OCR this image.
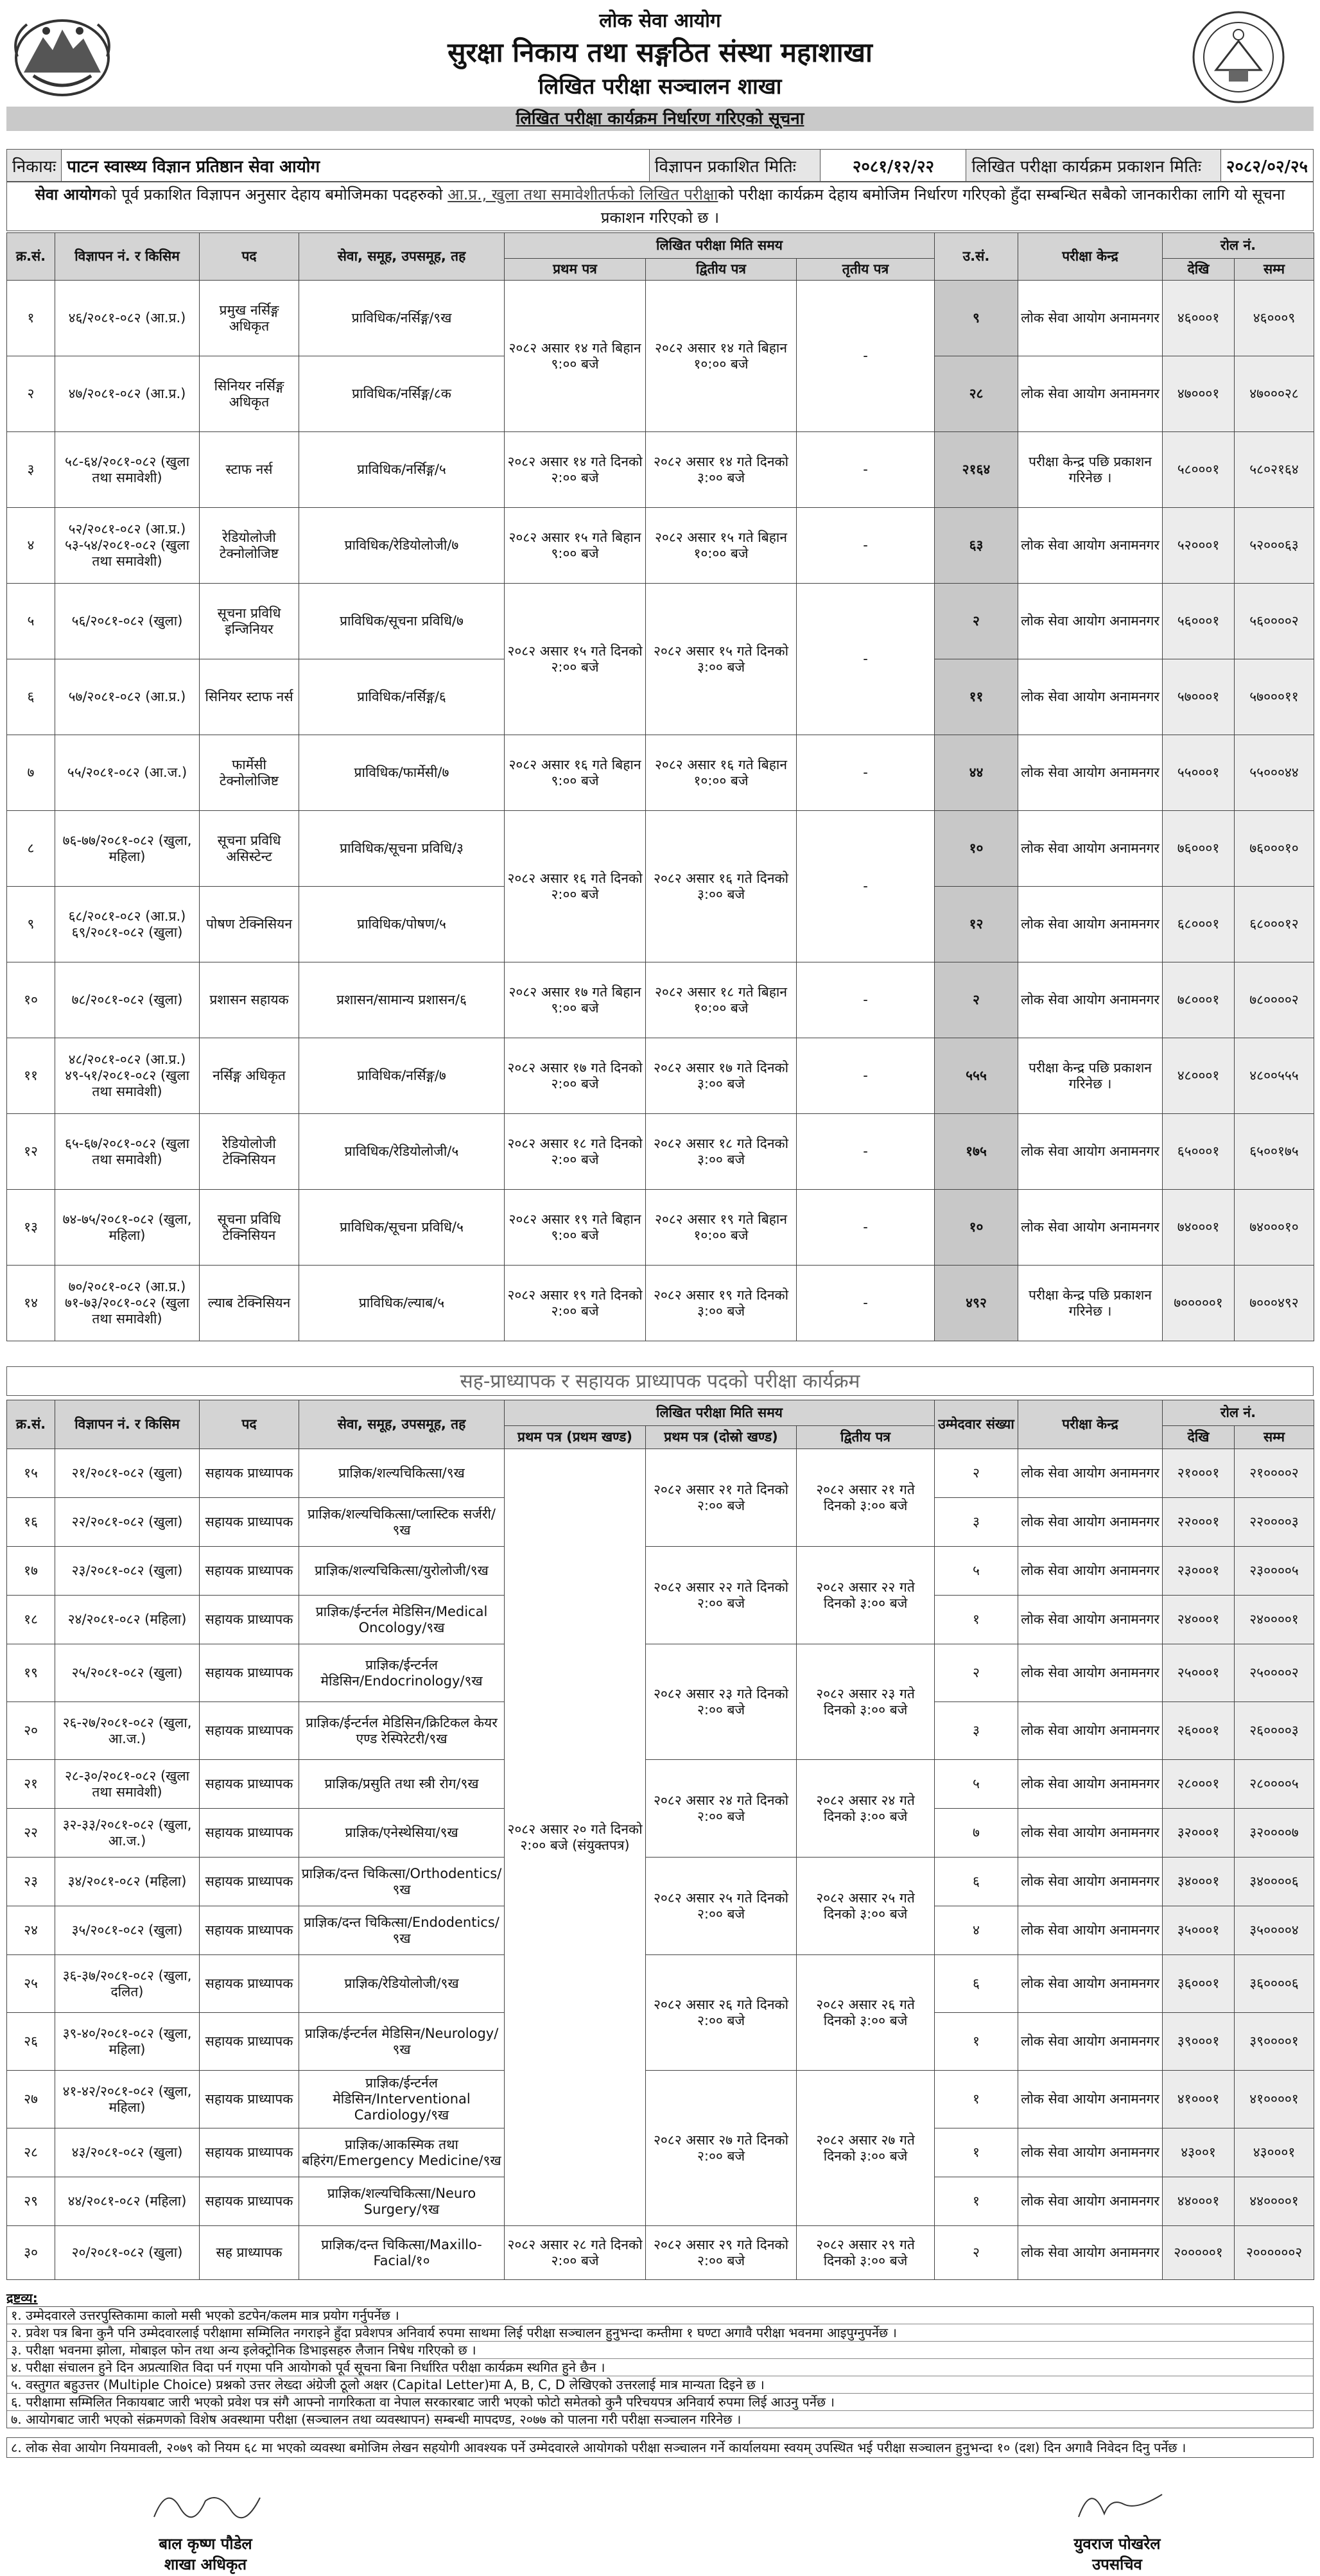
लोक सेवा आयोग
सुरक्षा निकाय तथा सङ्गठित संस्था महाशाखा
लिखित परीक्षा सञ्चालन शाखा
लिखित परीक्षा कार्यक्रम निर्धारण गरिएको सूचना
निकायः	पाटन स्वास्थ्य विज्ञान प्रतिष्ठान सेवा आयोग	विज्ञापन प्रकाशित मितिः	२०८१/१२/२२	लिखित परीक्षा कार्यक्रम प्रकाशन मितिः	२०८२/०२/२५
सेवा आयोगको पूर्व प्रकाशित विज्ञापन अनुसार देहाय बमोजिमका पदहरुको आ.प्र., खुला तथा समावेशीतर्फको लिखित परीक्षाको परीक्षा कार्यक्रम देहाय बमोजिम निर्धारण गरिएको हुँदा सम्बन्धित सबैको जानकारीका लागि यो सूचना प्रकाशन गरिएको छ ।
क्र.सं.	विज्ञापन नं. र किसिम	पद	सेवा, समूह, उपसमूह, तह	लिखित परीक्षा मिति समय			उ.सं.	परीक्षा केन्द्र	रोल नं.	
				प्रथम पत्र	द्वितीय पत्र	तृतीय पत्र			देखि	सम्म
१	४६/२०८१-०८२ (आ.प्र.)	प्रमुख नर्सिङ्ग अधिकृत	प्राविधिक/नर्सिङ्ग/९ख	२०८२ असार १४ गते बिहान ९:०० बजे	२०८२ असार १४ गते बिहान १०:०० बजे	-	९	लोक सेवा आयोग अनामनगर	४६०००१	४६०००९
२	४७/२०८१-०८२ (आ.प्र.)	सिनियर नर्सिङ्ग अधिकृत	प्राविधिक/नर्सिङ्ग/८क				२८	लोक सेवा आयोग अनामनगर	४७०००१	४७०००२८
३	५८-६४/२०८१-०८२ (खुला तथा समावेशी)	स्टाफ नर्स	प्राविधिक/नर्सिङ्ग/५	२०८२ असार १४ गते दिनको २:०० बजे	२०८२ असार १४ गते दिनको ३:०० बजे	-	२१६४	परीक्षा केन्द्र पछि प्रकाशन गरिनेछ ।	५८०००१	५८०२१६४
४	५२/२०८१-०८२ (आ.प्र.) ५३-५४/२०८१-०८२ (खुला तथा समावेशी)	रेडियोलोजी टेक्नोलोजिष्ट	प्राविधिक/रेडियोलोजी/७	२०८२ असार १५ गते बिहान ९:०० बजे	२०८२ असार १५ गते बिहान १०:०० बजे	-	६३	लोक सेवा आयोग अनामनगर	५२०००१	५२०००६३
५	५६/२०८१-०८२ (खुला)	सूचना प्रविधि इन्जिनियर	प्राविधिक/सूचना प्रविधि/७	२०८२ असार १५ गते दिनको २:०० बजे	२०८२ असार १५ गते दिनको ३:०० बजे	-	२	लोक सेवा आयोग अनामनगर	५६०००१	५६००००२
६	५७/२०८१-०८२ (आ.प्र.)	सिनियर स्टाफ नर्स	प्राविधिक/नर्सिङ्ग/६				११	लोक सेवा आयोग अनामनगर	५७०००१	५७०००११
७	५५/२०८१-०८२ (आ.ज.)	फार्मेसी टेक्नोलोजिष्ट	प्राविधिक/फार्मेसी/७	२०८२ असार १६ गते बिहान ९:०० बजे	२०८२ असार १६ गते बिहान १०:०० बजे	-	४४	लोक सेवा आयोग अनामनगर	५५०००१	५५०००४४
८	७६-७७/२०८१-०८२ (खुला, महिला)	सूचना प्रविधि असिस्टेन्ट	प्राविधिक/सूचना प्रविधि/३	२०८२ असार १६ गते दिनको २:०० बजे	२०८२ असार १६ गते दिनको ३:०० बजे	-	१०	लोक सेवा आयोग अनामनगर	७६०००१	७६०००१०
९	६८/२०८१-०८२ (आ.प्र.) ६९/२०८१-०८२ (खुला)	पोषण टेक्निसियन	प्राविधिक/पोषण/५				१२	लोक सेवा आयोग अनामनगर	६८०००१	६८०००१२
१०	७८/२०८१-०८२ (खुला)	प्रशासन सहायक	प्रशासन/सामान्य प्रशासन/६	२०८२ असार १७ गते बिहान ९:०० बजे	२०८२ असार १८ गते बिहान १०:०० बजे	-	२	लोक सेवा आयोग अनामनगर	७८०००१	७८००००२
११	४८/२०८१-०८२ (आ.प्र.) ४९-५१/२०८१-०८२ (खुला तथा समावेशी)	नर्सिङ्ग अधिकृत	प्राविधिक/नर्सिङ्ग/७	२०८२ असार १७ गते दिनको २:०० बजे	२०८२ असार १७ गते दिनको ३:०० बजे	-	५५५	परीक्षा केन्द्र पछि प्रकाशन गरिनेछ ।	४८०००१	४८००५५५
१२	६५-६७/२०८१-०८२ (खुला तथा समावेशी)	रेडियोलोजी टेक्निसियन	प्राविधिक/रेडियोलोजी/५	२०८२ असार १८ गते दिनको २:०० बजे	२०८२ असार १८ गते दिनको ३:०० बजे	-	१७५	लोक सेवा आयोग अनामनगर	६५०००१	६५००१७५
१३	७४-७५/२०८१-०८२ (खुला, महिला)	सूचना प्रविधि टेक्निसियन	प्राविधिक/सूचना प्रविधि/५	२०८२ असार १९ गते बिहान ९:०० बजे	२०८२ असार १९ गते बिहान १०:०० बजे	-	१०	लोक सेवा आयोग अनामनगर	७४०००१	७४०००१०
१४	७०/२०८१-०८२ (आ.प्र.) ७१-७३/२०८१-०८२ (खुला तथा समावेशी)	ल्याब टेक्निसियन	प्राविधिक/ल्याब/५	२०८२ असार १९ गते दिनको २:०० बजे	२०८२ असार १९ गते दिनको ३:०० बजे	-	४९२	परीक्षा केन्द्र पछि प्रकाशन गरिनेछ ।	७०००००१	७०००४९२
सह-प्राध्यापक र सहायक प्राध्यापक पदको परीक्षा कार्यक्रम
क्र.सं.	विज्ञापन नं. र किसिम	पद	सेवा, समूह, उपसमूह, तह	लिखित परीक्षा मिति समय			उम्मेदवार संख्या	परीक्षा केन्द्र	रोल नं.	
				प्रथम पत्र (प्रथम खण्ड)	प्रथम पत्र (दोस्रो खण्ड)	द्वितीय पत्र			देखि	सम्म
१५	२१/२०८१-०८२ (खुला)	सहायक प्राध्यापक	प्राज्ञिक/शल्यचिकित्सा/९ख	२०८२ असार २० गते दिनको २:०० बजे (संयुक्तपत्र)	२०८२ असार २१ गते दिनको २:०० बजे	२०८२ असार २१ गते दिनको ३:०० बजे	२	लोक सेवा आयोग अनामनगर	२१०००१	२१००००२
१६	२२/२०८१-०८२ (खुला)	सहायक प्राध्यापक	प्राज्ञिक/शल्यचिकित्सा/प्लास्टिक सर्जरी/९ख				३	लोक सेवा आयोग अनामनगर	२२०००१	२२००००३
१७	२३/२०८१-०८२ (खुला)	सहायक प्राध्यापक	प्राज्ञिक/शल्यचिकित्सा/युरोलोजी/९ख		२०८२ असार २२ गते दिनको २:०० बजे	२०८२ असार २२ गते दिनको ३:०० बजे	५	लोक सेवा आयोग अनामनगर	२३०००१	२३००००५
१८	२४/२०८१-०८२ (महिला)	सहायक प्राध्यापक	प्राज्ञिक/ईन्टर्नल मेडिसिन/Medical Oncology/९ख				१	लोक सेवा आयोग अनामनगर	२४०००१	२४००००१
१९	२५/२०८१-०८२ (खुला)	सहायक प्राध्यापक	प्राज्ञिक/ईन्टर्नल मेडिसिन/Endocrinology/९ख		२०८२ असार २३ गते दिनको २:०० बजे	२०८२ असार २३ गते दिनको ३:०० बजे	२	लोक सेवा आयोग अनामनगर	२५०००१	२५००००२
२०	२६-२७/२०८१-०८२ (खुला, आ.ज.)	सहायक प्राध्यापक	प्राज्ञिक/ईन्टर्नल मेडिसिन/क्रिटिकल केयर एण्ड रेस्पिरेटरी/९ख				३	लोक सेवा आयोग अनामनगर	२६०००१	२६००००३
२१	२८-३०/२०८१-०८२ (खुला तथा समावेशी)	सहायक प्राध्यापक	प्राज्ञिक/प्रसुति तथा स्त्री रोग/९ख		२०८२ असार २४ गते दिनको २:०० बजे	२०८२ असार २४ गते दिनको ३:०० बजे	५	लोक सेवा आयोग अनामनगर	२८०००१	२८००००५
२२	३२-३३/२०८१-०८२ (खुला, आ.ज.)	सहायक प्राध्यापक	प्राज्ञिक/एनेस्थेसिया/९ख				७	लोक सेवा आयोग अनामनगर	३२०००१	३२००००७
२३	३४/२०८१-०८२ (महिला)	सहायक प्राध्यापक	प्राज्ञिक/दन्त चिकित्सा/Orthodentics/९ख		२०८२ असार २५ गते दिनको २:०० बजे	२०८२ असार २५ गते दिनको ३:०० बजे	६	लोक सेवा आयोग अनामनगर	३४०००१	३४००००६
२४	३५/२०८१-०८२ (खुला)	सहायक प्राध्यापक	प्राज्ञिक/दन्त चिकित्सा/Endodentics/९ख				४	लोक सेवा आयोग अनामनगर	३५०००१	३५००००४
२५	३६-३७/२०८१-०८२ (खुला, दलित)	सहायक प्राध्यापक	प्राज्ञिक/रेडियोलोजी/९ख		२०८२ असार २६ गते दिनको २:०० बजे	२०८२ असार २६ गते दिनको ३:०० बजे	६	लोक सेवा आयोग अनामनगर	३६०००१	३६००००६
२६	३९-४०/२०८१-०८२ (खुला, महिला)	सहायक प्राध्यापक	प्राज्ञिक/ईन्टर्नल मेडिसिन/Neurology/९ख				१	लोक सेवा आयोग अनामनगर	३९०००१	३९००००१
२७	४१-४२/२०८१-०८२ (खुला, महिला)	सहायक प्राध्यापक	प्राज्ञिक/ईन्टर्नल मेडिसिन/Interventional Cardiology/९ख		२०८२ असार २७ गते दिनको २:०० बजे	२०८२ असार २७ गते दिनको ३:०० बजे	१	लोक सेवा आयोग अनामनगर	४१०००१	४१००००१
२८	४३/२०८१-०८२ (खुला)	सहायक प्राध्यापक	प्राज्ञिक/आकस्मिक तथा बहिरंग/Emergency Medicine/९ख				१	लोक सेवा आयोग अनामनगर	४३००१	४३०००१
२९	४४/२०८१-०८२ (महिला)	सहायक प्राध्यापक	प्राज्ञिक/शल्यचिकित्सा/Neuro Surgery/९ख				१	लोक सेवा आयोग अनामनगर	४४०००१	४४००००१
३०	२०/२०८१-०८२ (खुला)	सह प्राध्यापक	प्राज्ञिक/दन्त चिकित्सा/Maxillo-Facial/१०	२०८२ असार २८ गते दिनको २:०० बजे	२०८२ असार २९ गते दिनको २:०० बजे	२०८२ असार २९ गते दिनको ३:०० बजे	२	लोक सेवा आयोग अनामनगर	२०००००१	२००००००२
द्रष्टव्य:
१. उम्मेदवारले उत्तरपुस्तिकामा कालो मसी भएको डटपेन/कलम मात्र प्रयोग गर्नुपर्नेछ ।
२. प्रवेश पत्र बिना कुनै पनि उम्मेदवारलाई परीक्षामा सम्मिलित नगराइने हुँदा प्रवेशपत्र अनिवार्य रुपमा साथमा लिई परीक्षा सञ्चालन हुनुभन्दा कम्तीमा १ घण्टा अगावै परीक्षा भवनमा आइपुग्नुपर्नेछ ।
३. परीक्षा भवनमा झोला, मोबाइल फोन तथा अन्य इलेक्ट्रोनिक डिभाइसहरु लैजान निषेध गरिएको छ ।
४. परीक्षा संचालन हुने दिन अप्रत्याशित विदा पर्न गएमा पनि आयोगको पूर्व सूचना बिना निर्धारित परीक्षा कार्यक्रम स्थगित हुने छैन ।
५. वस्तुगत बहुउत्तर (Multiple Choice) प्रश्नको उत्तर लेख्दा अंग्रेजी ठूलो अक्षर (Capital Letter)मा A, B, C, D लेखिएको उत्तरलाई मात्र मान्यता दिइने छ ।
६. परीक्षामा सम्मिलित निकायबाट जारी भएको प्रवेश पत्र संगै आफ्नो नागरिकता वा नेपाल सरकारबाट जारी भएको फोटो समेतको कुनै परिचयपत्र अनिवार्य रुपमा लिई आउनु पर्नेछ ।
७. आयोगबाट जारी भएको संक्रमणको विशेष अवस्थामा परीक्षा (सञ्चालन तथा व्यवस्थापन) सम्बन्धी मापदण्ड, २०७७ को पालना गरी परीक्षा सञ्चालन गरिनेछ ।
८. लोक सेवा आयोग नियमावली, २०७९ को नियम ६८ मा भएको व्यवस्था बमोजिम लेखन सहयोगी आवश्यक पर्ने उम्मेदवारले आयोगको परीक्षा सञ्चालन गर्ने कार्यालयमा स्वयम् उपस्थित भई परीक्षा सञ्चालन हुनुभन्दा १० (दश) दिन अगावै निवेदन दिनु पर्नेछ ।
बाल कृष्ण पौडेल
शाखा अधिकृत
युवराज पोखरेल
उपसचिव
